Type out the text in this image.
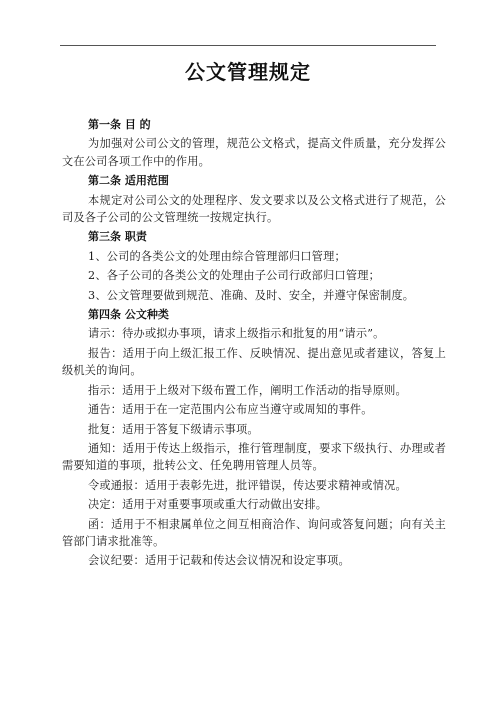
公文管理规定
第一条 目 的

为加强对公司公文的管理，规范公文格式，提高文件质量，充分发挥公文在公司各项工作中的作用。

第二条 适用范围

本规定对公司公文的处理程序、发文要求以及公文格式进行了规范，公司及各子公司的公文管理统一按规定执行。

第三条 职责

1、公司的各类公文的处理由综合管理部归口管理；

2、各子公司的各类公文的处理由子公司行政部归口管理；

3、公文管理要做到规范、准确、及时、安全，并遵守保密制度。

第四条 公文种类

请示：待办或拟办事项，请求上级指示和批复的用“请示”。

报告：适用于向上级汇报工作、反映情况、提出意见或者建议，答复上级机关的询问。

指示：适用于上级对下级布置工作，阐明工作活动的指导原则。

通告：适用于在一定范围内公布应当遵守或周知的事件。

批复：适用于答复下级请示事项。

通知：适用于传达上级指示，推行管理制度，要求下级执行、办理或者需要知道的事项，批转公文、任免聘用管理人员等。

令或通报：适用于表彰先进，批评错误，传达要求精神或情况。

决定：适用于对重要事项或重大行动做出安排。

函：适用于不相隶属单位之间互相商洽作、询问或答复问题；向有关主管部门请求批准等。

会议纪要：适用于记载和传达会议情况和设定事项。
